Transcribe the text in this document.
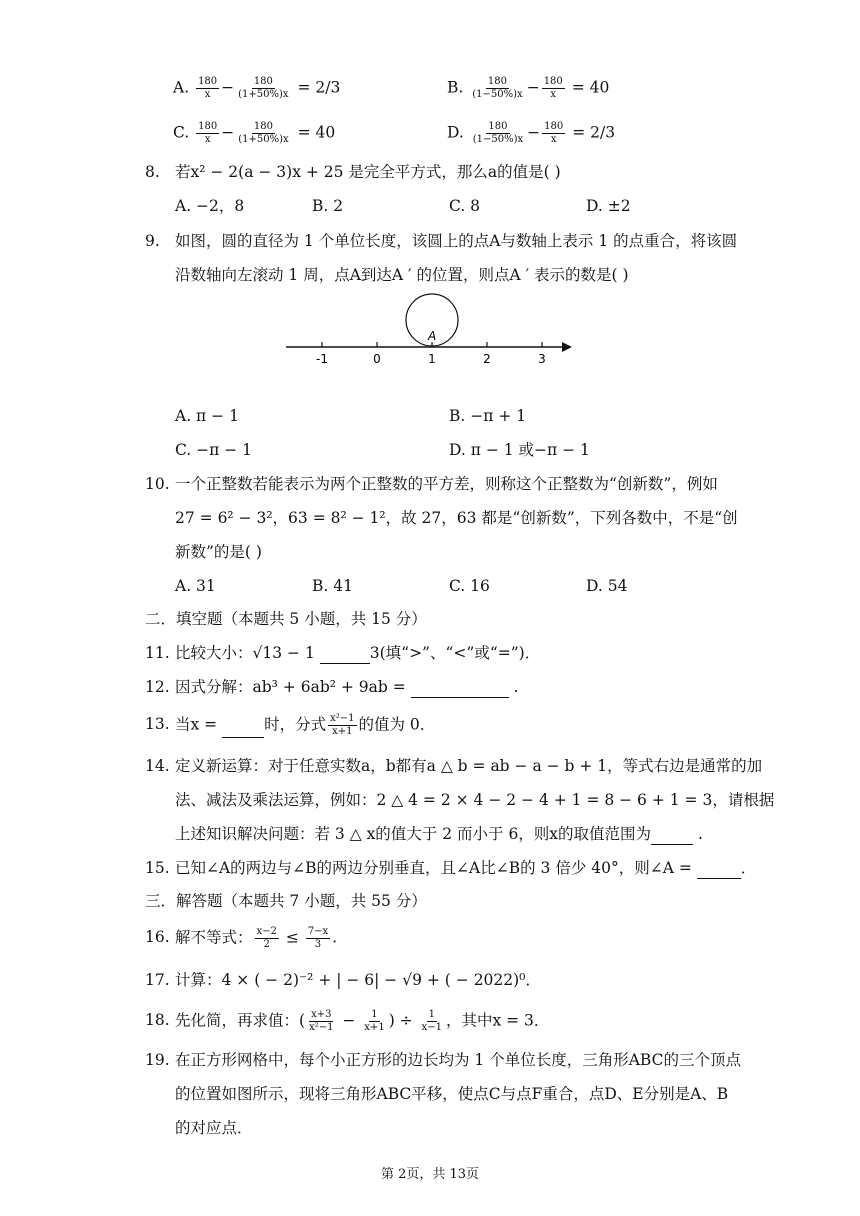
A. $\frac{180}{x} - \frac{180}{(1+50\%)x} = 2/3$	B. $\frac{180}{(1-50\%)x} - \frac{180}{x} = 40$
C. $\frac{180}{x} - \frac{180}{(1+50\%)x} = 40$	D. $\frac{180}{(1-50\%)x} - \frac{180}{x} = 2/3$
8. 若x² − 2(a − 3)x + 25 是完全平方式，那么a的值是( )
A. −2，8	B. 2	C. 8	D. ±2
9. 如图，圆的直径为 1 个单位长度，该圆上的点A与数轴上表示 1 的点重合，将该圆
沿数轴向左滚动 1 周，点A到达A ′ 的位置，则点A ′ 表示的数是( )
-1	0	1	2	3
A
A. π − 1	B. −π + 1
C. −π − 1	D. π − 1 或−π − 1
10. 一个正整数若能表示为两个正整数的平方差，则称这个正整数为“创新数”，例如
27 = 6² − 3²，63 = 8² − 1²，故 27，63 都是“创新数”，下列各数中，不是“创
新数”的是( )
A. 31	B. 41	C. 16	D. 54
二．填空题（本题共 5 小题，共 15 分）
11. 比较大小：√13 − 1	3(填“>”、“<”或“=”)．
12. 因式分解：ab³ + 6ab² + 9ab =	.
13. 当x =	时，分式 $\frac{\text{x²−1}}{x+1}$ 的值为 0．
14. 定义新运算：对于任意实数a，b都有a △ b = ab − a − b + 1，等式右边是通常的加
法、减法及乘法运算，例如：2 △ 4 = 2 × 4 − 2 − 4 + 1 = 8 − 6 + 1 = 3，请根据
上述知识解决问题：若 3 △ x的值大于 2 而小于 6，则x的取值范围为	.
15. 已知∠A的两边与∠B的两边分别垂直，且∠A比∠B的 3 倍少 40°，则∠A =	．
三．解答题（本题共 7 小题，共 55 分）
16. 解不等式： $\frac{x-2}{2} \le \frac{7-x}{3}$ .
17. 计算：4 × ( − 2)⁻² + | − 6| − √9 + ( − 2022)⁰．
18. 先化简，再求值：( $\frac{x+3}{\text{x²−1}} - \frac{1}{x+1}$ ) ÷ $\frac{1}{x-1}$ ，其中x = 3．
19. 在正方形网格中，每个小正方形的边长均为 1 个单位长度，三角形ABC的三个顶点
的位置如图所示，现将三角形ABC平移，使点C与点F重合，点D、E分别是A、B
的对应点．
第 2页，共 13页
